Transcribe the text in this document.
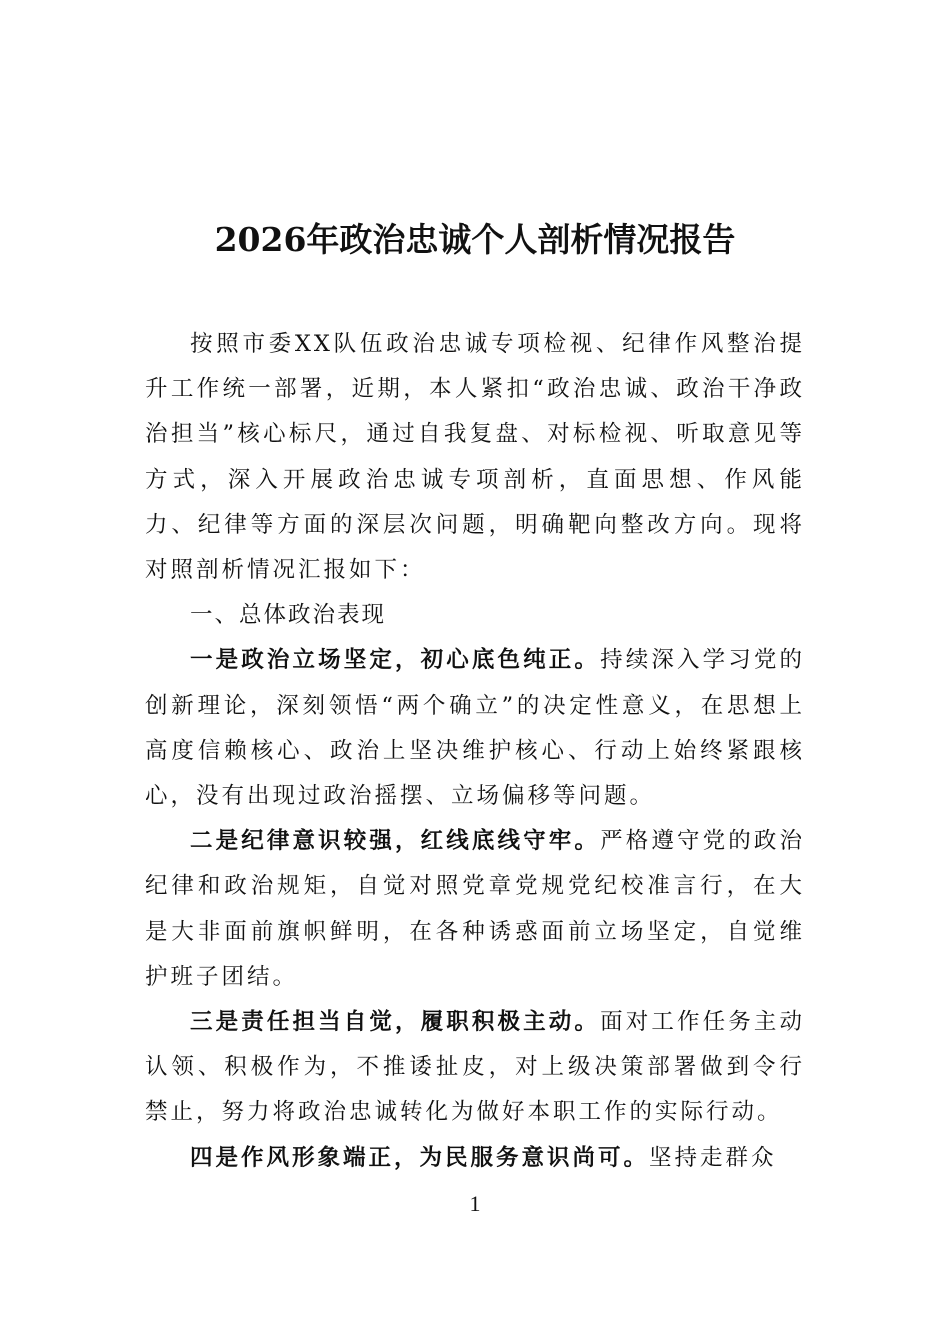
2026年政治忠诚个人剖析情况报告

按照市委XX队伍政治忠诚专项检视、纪律作风整治提升工作统一部署，近期，本人紧扣“政治忠诚、政治干净政治担当”核心标尺，通过自我复盘、对标检视、听取意见等方式，深入开展政治忠诚专项剖析，直面思想、作风能力、纪律等方面的深层次问题，明确靶向整改方向。现将对照剖析情况汇报如下：

一、总体政治表现

一是政治立场坚定，初心底色纯正。持续深入学习党的创新理论，深刻领悟“两个确立”的决定性意义，在思想上高度信赖核心、政治上坚决维护核心、行动上始终紧跟核心，没有出现过政治摇摆、立场偏移等问题。

二是纪律意识较强，红线底线守牢。严格遵守党的政治纪律和政治规矩，自觉对照党章党规党纪校准言行，在大是大非面前旗帜鲜明，在各种诱惑面前立场坚定，自觉维护班子团结。

三是责任担当自觉，履职积极主动。面对工作任务主动认领、积极作为，不推诿扯皮，对上级决策部署做到令行禁止，努力将政治忠诚转化为做好本职工作的实际行动。

四是作风形象端正，为民服务意识尚可。坚持走群众

1
